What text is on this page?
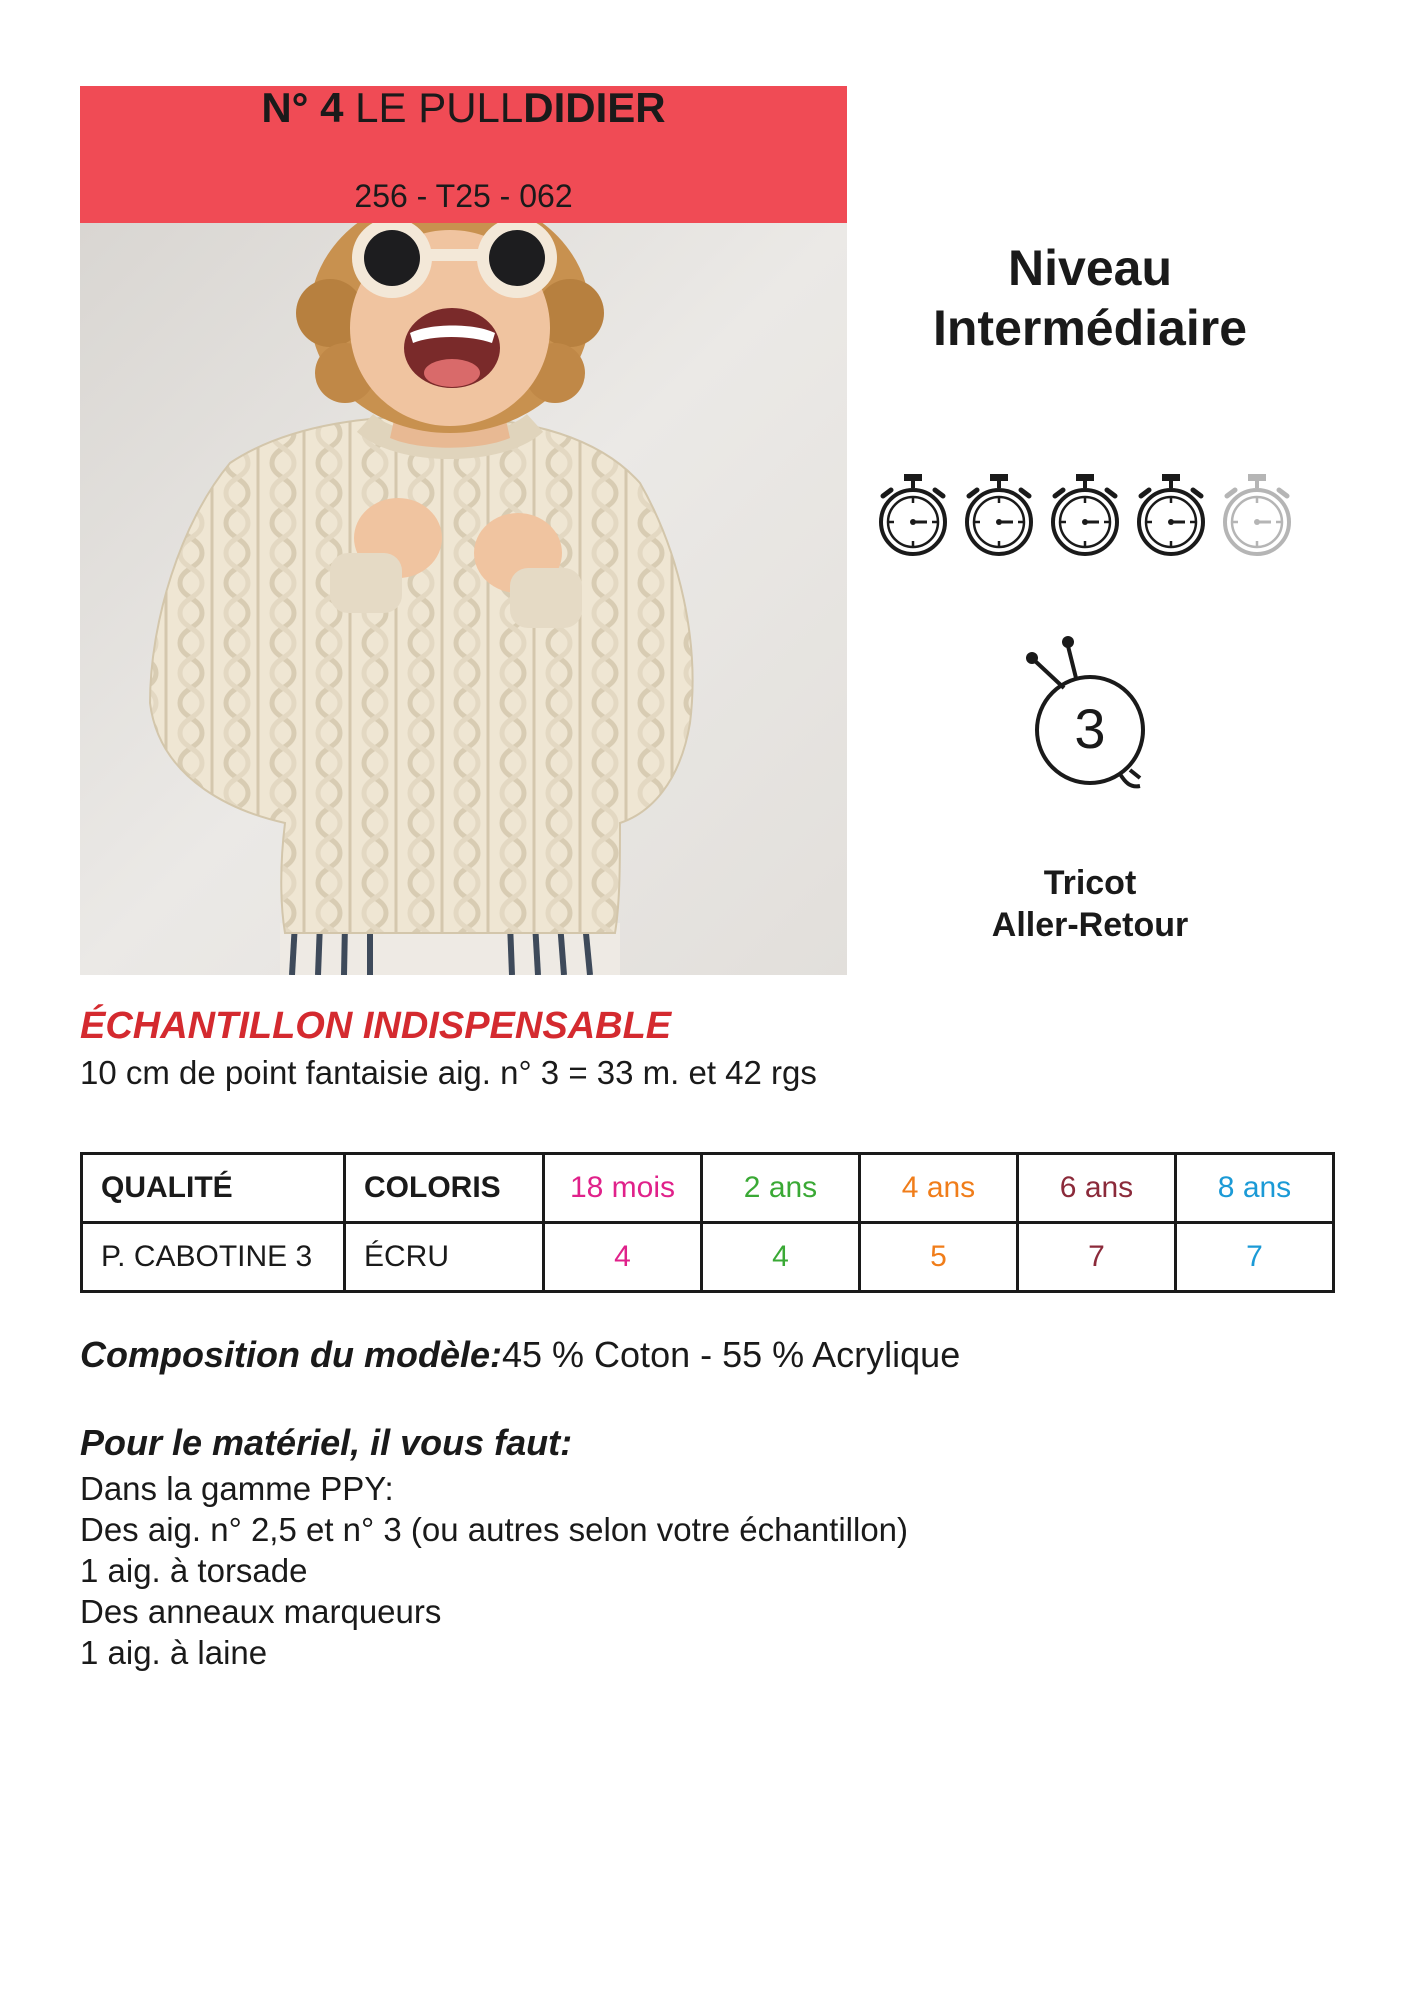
N° 4 LE PULLDIDIER
256 - T25 - 062
Niveau
Intermédiaire
3
Tricot
Aller-Retour
ÉCHANTILLON INDISPENSABLE
10 cm de point fantaisie aig. n° 3 = 33 m. et 42 rgs
QUALITÉ	COLORIS	18 mois	2 ans	4 ans	6 ans	8 ans
P. CABOTINE 3	ÉCRU	4	4	5	7	7
Composition du modèle:45 % Coton - 55 % Acrylique
Pour le matériel, il vous faut:
Dans la gamme PPY:
Des aig. n° 2,5 et n° 3 (ou autres selon votre échantillon)
1 aig. à torsade
Des anneaux marqueurs
1 aig. à laine
